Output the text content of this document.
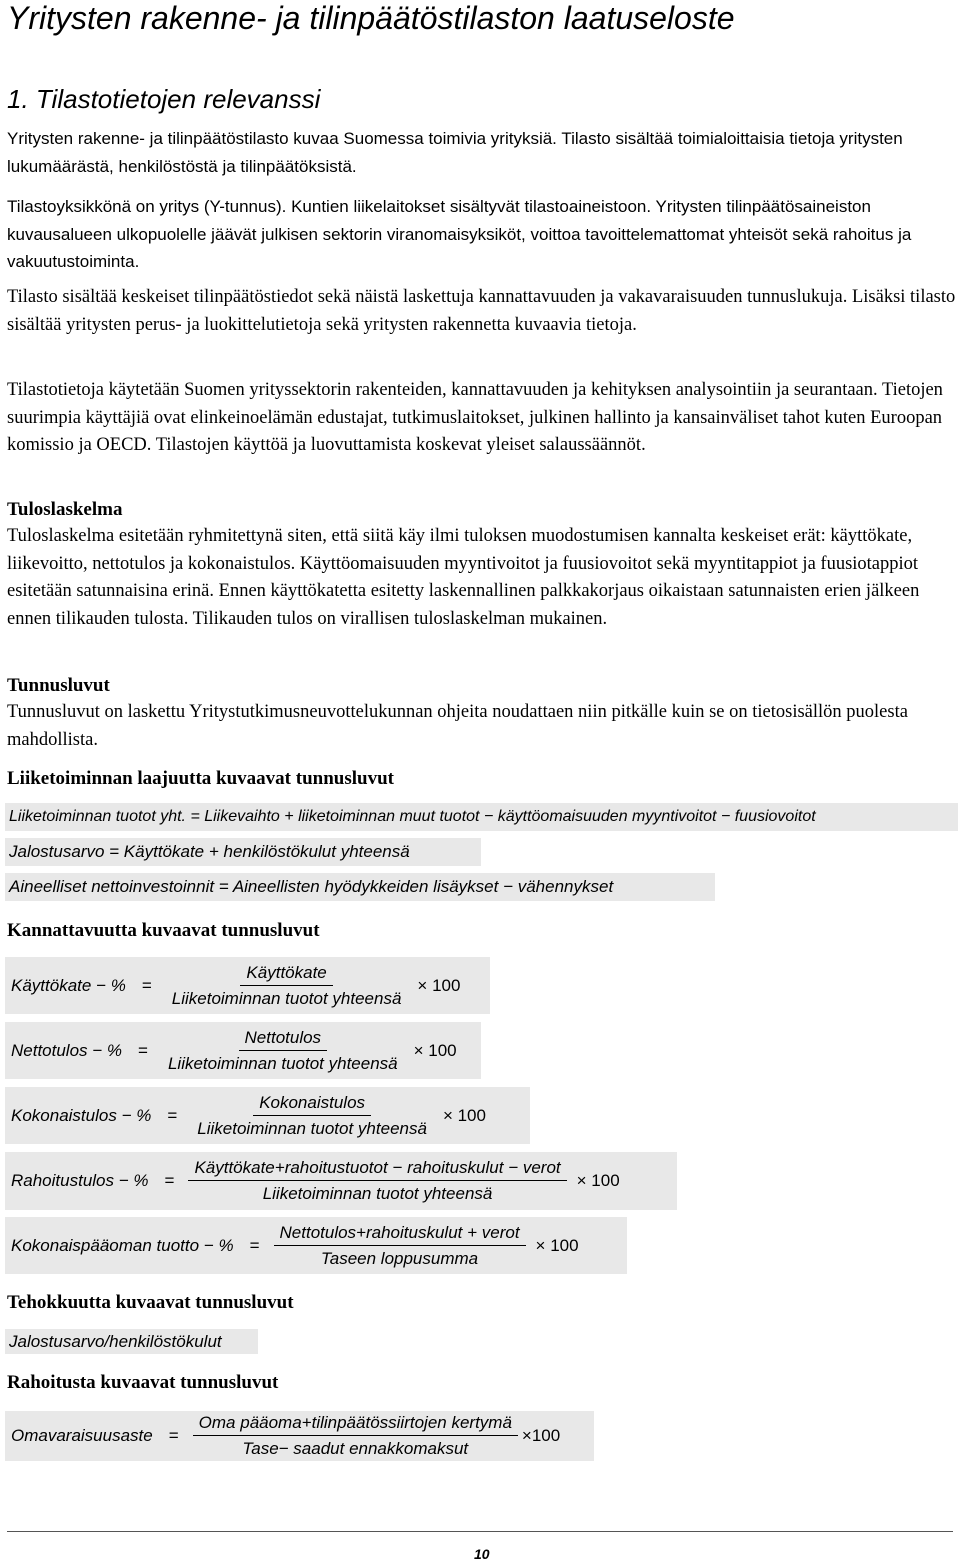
Yritysten rakenne- ja tilinpäätöstilaston laatuseloste
1. Tilastotietojen relevanssi

Yritysten rakenne- ja tilinpäätöstilasto kuvaa Suomessa toimivia yrityksiä. Tilasto sisältää toimialoittaisia tietoja yritysten lukumäärästä, henkilöstöstä ja tilinpäätöksistä.

Tilastoyksikkönä on yritys (Y-tunnus). Kuntien liikelaitokset sisältyvät tilastoaineistoon. Yritysten tilinpäätösaineiston kuvausalueen ulkopuolelle jäävät julkisen sektorin viranomaisyksiköt, voittoa tavoittelemattomat yhteisöt sekä rahoitus ja vakuutustoiminta.

Tilasto sisältää keskeiset tilinpäätöstiedot sekä näistä laskettuja kannattavuuden ja vakavaraisuuden tunnuslukuja. Lisäksi tilasto sisältää yritysten perus- ja luokittelutietoja sekä yritysten rakennetta kuvaavia tietoja.

Tilastotietoja käytetään Suomen yrityssektorin rakenteiden, kannattavuuden ja kehityksen analysointiin ja seurantaan. Tietojen suurimpia käyttäjiä ovat elinkeinoelämän edustajat, tutkimuslaitokset, julkinen hallinto ja kansainväliset tahot kuten Euroopan komissio ja OECD. Tilastojen käyttöä ja luovuttamista koskevat yleiset salaussäännöt.

Tuloslaskelma

Tuloslaskelma esitetään ryhmitettynä siten, että siitä käy ilmi tuloksen muodostumisen kannalta keskeiset erät: käyttökate, liikevoitto, nettotulos ja kokonaistulos. Käyttöomaisuuden myyntivoitot ja fuusiovoitot sekä myyntitappiot ja fuusiotappiot esitetään satunnaisina erinä. Ennen käyttökatetta esitetty laskennallinen palkkakorjaus oikaistaan satunnaisten erien jälkeen ennen tilikauden tulosta. Tilikauden tulos on virallisen tuloslaskelman mukainen.

Tunnusluvut

Tunnusluvut on laskettu Yritystutkimusneuvottelukunnan ohjeita noudattaen niin pitkälle kuin se on tietosisällön puolesta mahdollista.

Liiketoiminnan laajuutta kuvaavat tunnusluvut
Liiketoiminnan tuotot yht. = Liikevaihto + liiketoiminnan muut tuotot − käyttöomaisuuden myyntivoitot − fuusiovoitot
Jalostusarvo = Käyttökate + henkilöstökulut yhteensä
Aineelliset nettoinvestoinnit = Aineellisten hyödykkeiden lisäykset − vähennykset
Kannattavuutta kuvaavat tunnusluvut
Käyttökate − % = $\frac{\text{Käyttökate}}{\text{Liiketoiminnan tuotot yhteensä}} \times 100$
Nettotulos − % = $\frac{\text{Nettotulos}}{\text{Liiketoiminnan tuotot yhteensä}} \times 100$
Kokonaistulos − % = $\frac{\text{Kokonaistulos}}{\text{Liiketoiminnan tuotot yhteensä}} \times 100$
Rahoitustulos − % = $\frac{\text{Käyttökate+rahoitustuotot − rahoituskulut − verot}}{\text{Liiketoiminnan tuotot yhteensä}} \times 100$
Kokonaispääoman tuotto − % = $\frac{\text{Nettotulos+rahoituskulut + verot}}{\text{Taseen loppusumma}} \times 100$
Tehokkuutta kuvaavat tunnusluvut
Jalostusarvo/henkilöstökulut
Rahoitusta kuvaavat tunnusluvut
Omavaraisuusaste = $\frac{\text{Oma pääoma+tilinpäätössiirtojen kertymä}}{\text{Tase− saadut ennakkomaksut}} \times 100$
10
